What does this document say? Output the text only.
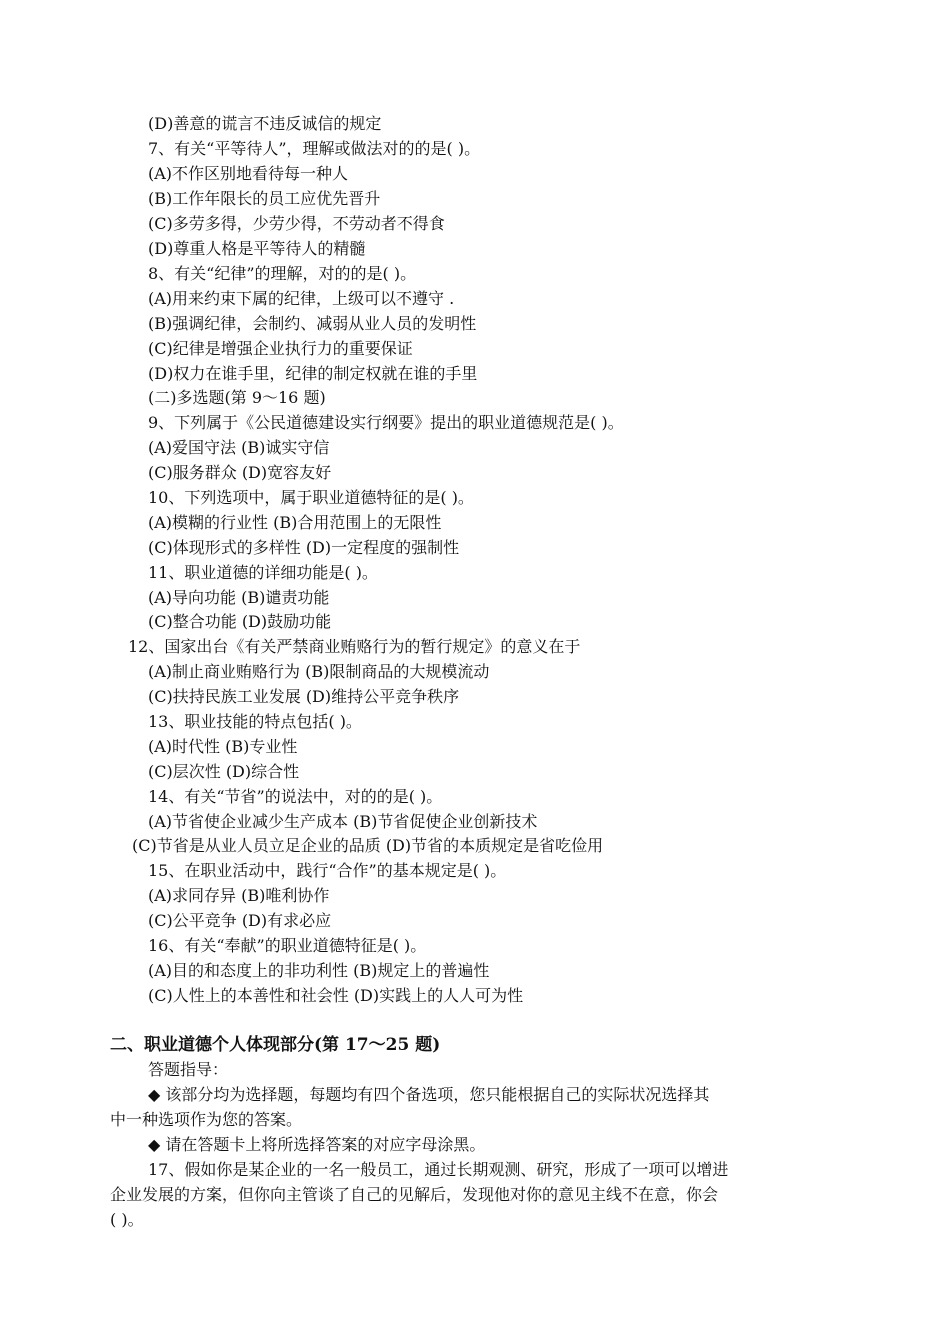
(D)善意的谎言不违反诚信的规定
7、有关“平等待人”，理解或做法对的的是( )。
(A)不作区别地看待每一种人
(B)工作年限长的员工应优先晋升
(C)多劳多得，少劳少得，不劳动者不得食
(D)尊重人格是平等待人的精髓
8、有关“纪律”的理解，对的的是( )。
(A)用来约束下属的纪律，上级可以不遵守 .
(B)强调纪律，会制约、减弱从业人员的发明性
(C)纪律是增强企业执行力的重要保证
(D)权力在谁手里，纪律的制定权就在谁的手里
(二)多选题(第 9～16 题)
9、下列属于《公民道德建设实行纲要》提出的职业道德规范是( )。
(A)爱国守法 (B)诚实守信
(C)服务群众 (D)宽容友好
10、下列选项中，属于职业道德特征的是( )。
(A)模糊的行业性 (B)合用范围上的无限性
(C)体现形式的多样性 (D)一定程度的强制性
11、职业道德的详细功能是( )。
(A)导向功能 (B)谴责功能
(C)整合功能 (D)鼓励功能
12、国家出台《有关严禁商业贿赂行为的暂行规定》的意义在于
(A)制止商业贿赂行为 (B)限制商品的大规模流动
(C)扶持民族工业发展 (D)维持公平竞争秩序
13、职业技能的特点包括( )。
(A)时代性 (B)专业性
(C)层次性 (D)综合性
14、有关“节省”的说法中，对的的是( )。
(A)节省使企业减少生产成本 (B)节省促使企业创新技术
(C)节省是从业人员立足企业的品质 (D)节省的本质规定是省吃俭用
15、在职业活动中，践行“合作”的基本规定是( )。
(A)求同存异 (B)唯利协作
(C)公平竞争 (D)有求必应
16、有关“奉献”的职业道德特征是( )。
(A)目的和态度上的非功利性 (B)规定上的普遍性
(C)人性上的本善性和社会性 (D)实践上的人人可为性
二、职业道德个人体现部分(第 17～25 题)
答题指导：
◆ 该部分均为选择题，每题均有四个备选项，您只能根据自己的实际状况选择其
中一种选项作为您的答案。
◆ 请在答题卡上将所选择答案的对应字母涂黑。
17、假如你是某企业的一名一般员工，通过长期观测、研究，形成了一项可以增进
企业发展的方案，但你向主管谈了自己的见解后，发现他对你的意见主线不在意，你会
( )。
